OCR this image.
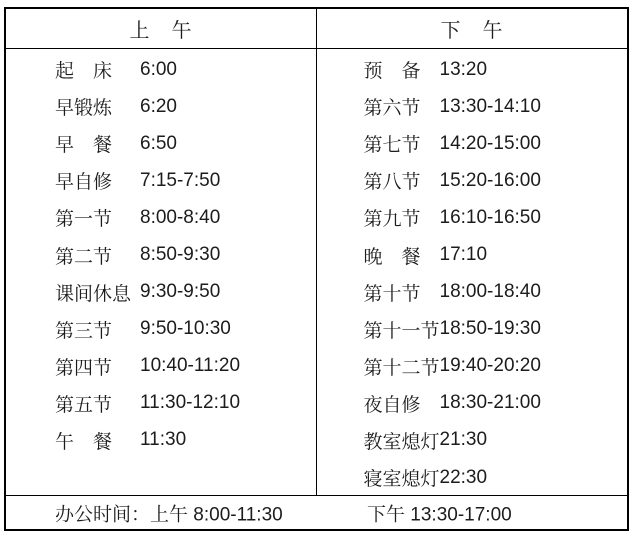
上　午	下　午
起　床	6:00
早锻炼	6:20
早　餐	6:50
早自修	7:15-7:50
第一节	8:00-8:40
第二节	8:50-9:30
课间休息 9:30-9:50
第三节	9:50-10:30
第四节	10:40-11:20
第五节	11:30-12:10
午　餐	11:30
预　备 13:20
第六节 13:30-14:10
第七节 14:20-15:00
第八节 15:20-16:00
第九节 16:10-16:50
晚　餐 17:10
第十节 18:00-18:40
第十一节 18:50-19:30
第十二节 19:40-20:20
夜自修 18:30-21:00
教室熄灯 21:30
寝室熄灯 22:30
办公时间：上午 8:00-11:30	下午 13:30-17:00
